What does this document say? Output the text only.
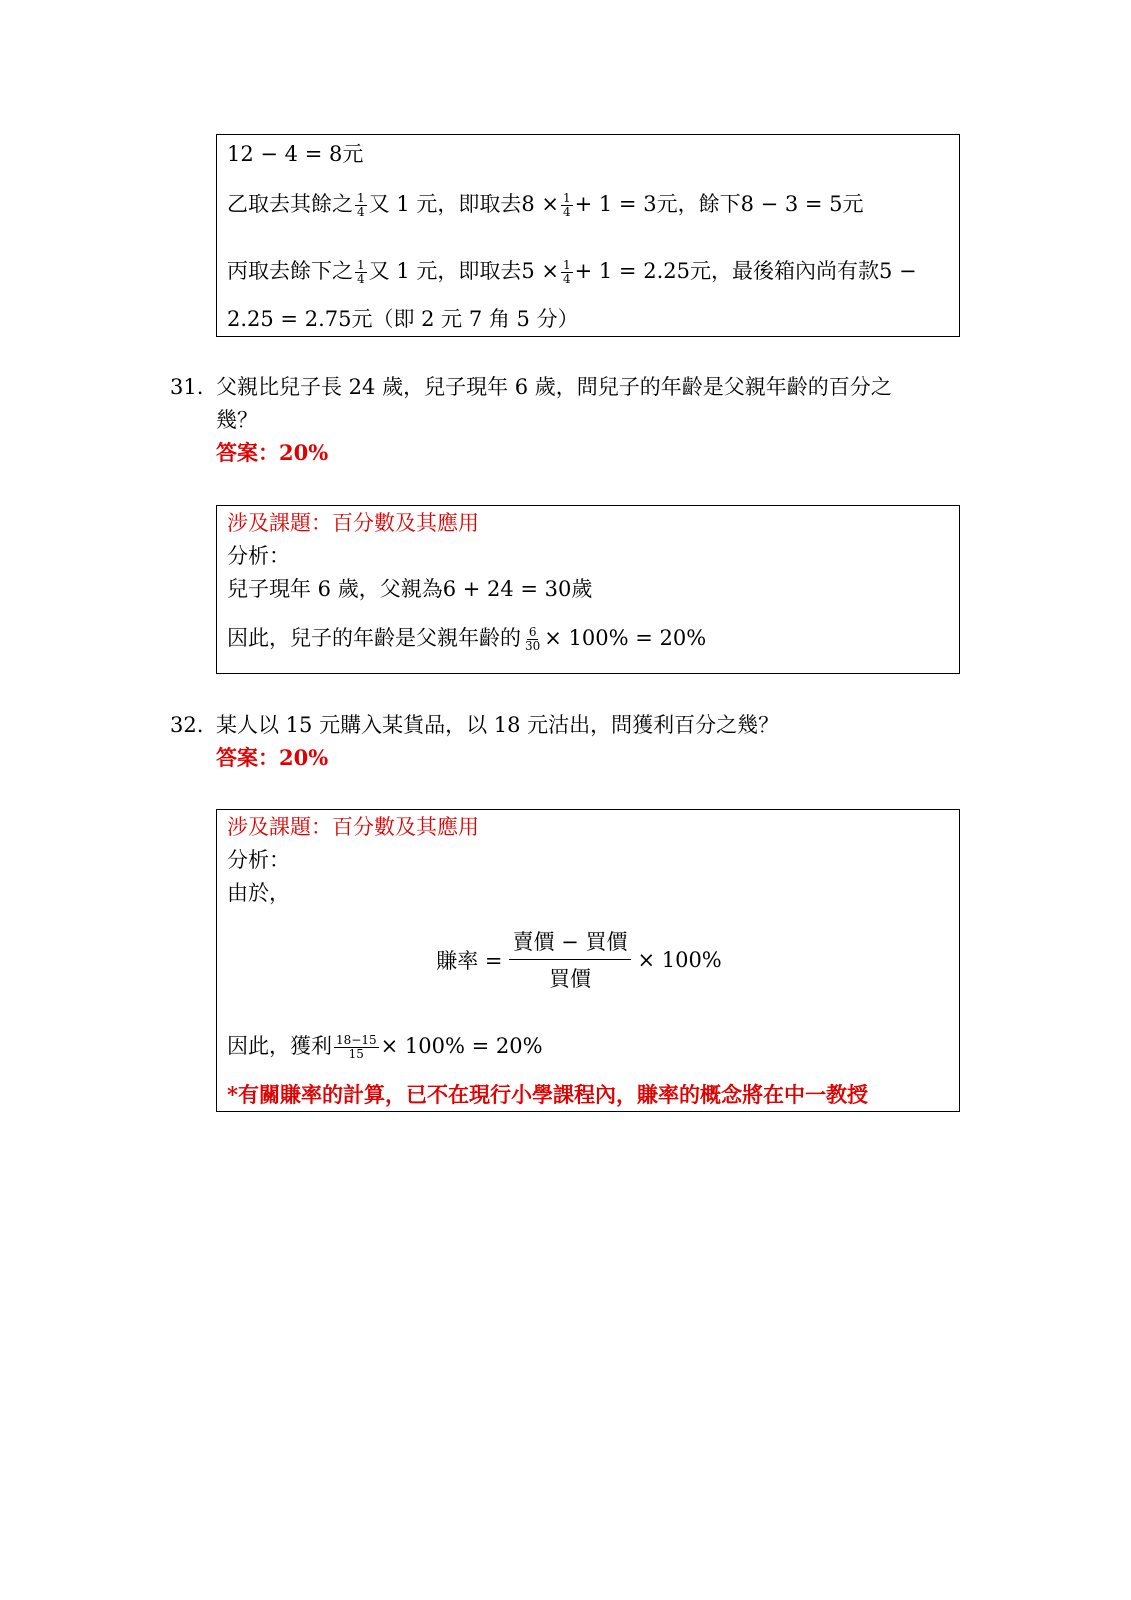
12 − 4 = 8元
乙取去其餘之 $\frac{1}{4}$ 又 1 元，即取去$8 \times \frac{1}{4} + 1 = 3$元，餘下8 − 3 = 5元
丙取去餘下之 $\frac{1}{4}$ 又 1 元，即取去$5 \times \frac{1}{4} + 1 = 2.25$元，最後箱內尚有款5 −
2.25 = 2.75元（即 2 元 7 角 5 分）
31. 父親比兒子長 24 歲，兒子現年 6 歲，問兒子的年齡是父親年齡的百分之
幾？
答案：20%
涉及課題：百分數及其應用
分析：
兒子現年 6 歲，父親為6 + 24 = 30歲
因此，兒子的年齡是父親年齡的 $\frac{6}{30} \times 100\% = 20\%$
32. 某人以 15 元購入某貨品，以 18 元沽出，問獲利百分之幾？
答案：20%
涉及課題：百分數及其應用
分析：
由於，
賺率 = $\frac{\text{賣價 − 買價}}{\text{買價}} \times 100\%$
因此，獲利 $\frac{18-15}{15} \times 100\% = 20\%$
*有關賺率的計算，已不在現行小學課程內，賺率的概念將在中一教授
